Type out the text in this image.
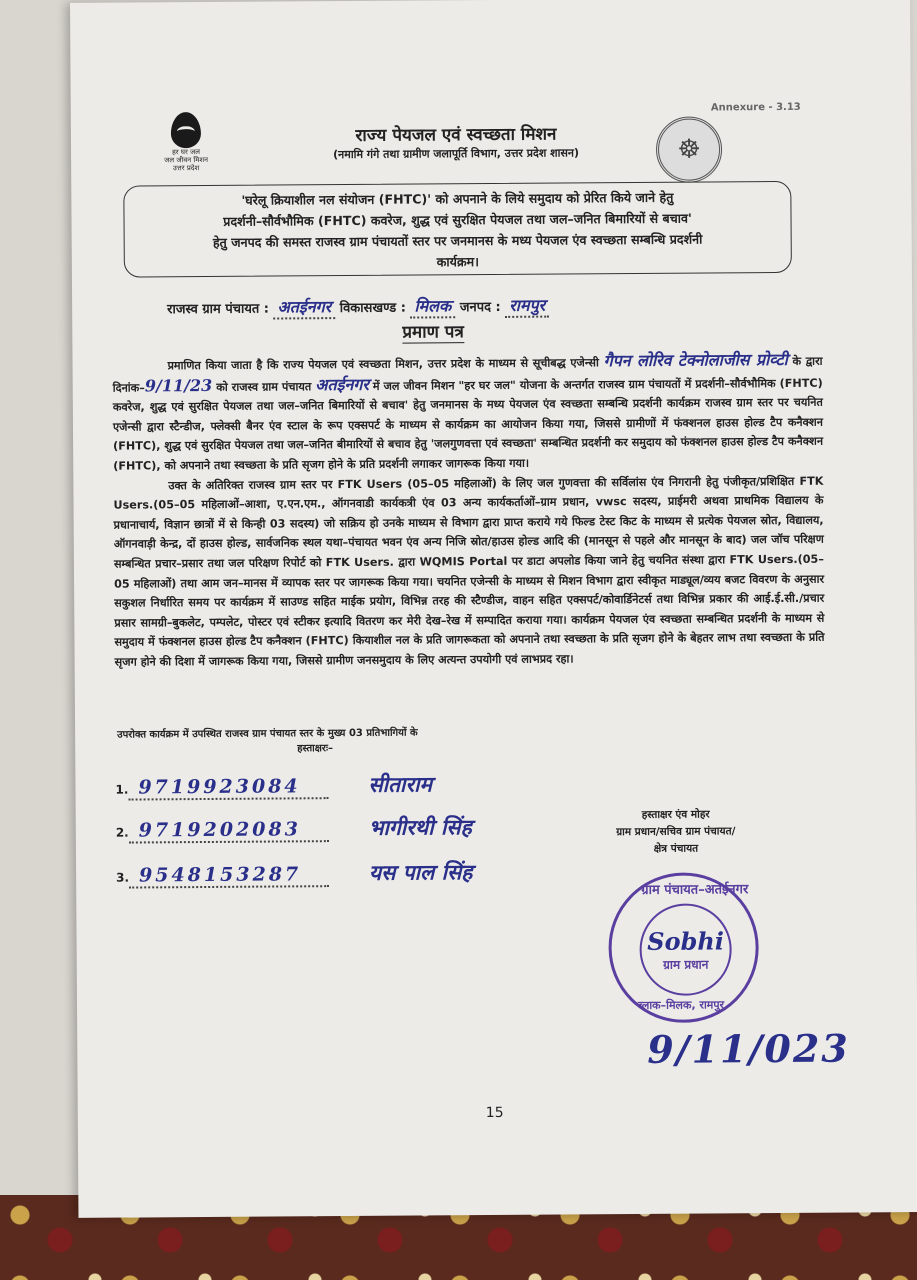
Annexure - 3.13
हर घर जल
जल जीवन मिशन
उत्तर प्रदेश
☸
राज्य पेयजल एवं स्वच्छता मिशन
(नमामि गंगे तथा ग्रामीण जलापूर्ति विभाग, उत्तर प्रदेश शासन)
'घरेलू क्रियाशील नल संयोजन (FHTC)' को अपनाने के लिये समुदाय को प्रेरित किये जाने हेतु
प्रदर्शनी–सौर्वभौमिक (FHTC) कवरेज, शुद्ध एवं सुरक्षित पेयजल तथा जल–जनित बिमारियों से बचाव'
हेतु जनपद की समस्त राजस्व ग्राम पंचायतों स्तर पर जनमानस के मध्य पेयजल एंव स्वच्छता सम्बन्धि प्रदर्शनी
कार्यक्रम।
राजस्व ग्राम पंचायत : अतईनगर विकासखण्ड : मिलक जनपद : रामपुर
प्रमाण पत्र

प्रमाणित किया जाता है कि राज्य पेयजल एवं स्वच्छता मिशन, उत्तर प्रदेश के माध्यम से सूचीबद्ध एजेन्सी गैपन लोरिव टेक्नोलाजीस प्रोव्टी के द्वारा दिनांक–9/11/23 को राजस्व ग्राम पंचायत अतईनगर में जल जीवन मिशन "हर घर जल" योजना के अन्तर्गत राजस्व ग्राम पंचायतों में प्रदर्शनी–सौर्वभौमिक (FHTC) कवरेज, शुद्ध एवं सुरक्षित पेयजल तथा जल–जनित बिमारियों से बचाव' हेतु जनमानस के मध्य पेयजल एंव स्वच्छता सम्बन्धि प्रदर्शनी कार्यक्रम राजस्व ग्राम स्तर पर चयनित एजेन्सी द्वारा स्टैन्डीज, फ्लेक्सी बैनर एंव स्टाल के रूप एक्सपर्ट के माध्यम से कार्यक्रम का आयोजन किया गया, जिससे ग्रामीणों में फंक्शनल हाउस होल्ड टैप कनैक्शन (FHTC), शुद्ध एवं सुरक्षित पेयजल तथा जल–जनित बीमारियों से बचाव हेतु 'जलगुणवत्ता एवं स्वच्छता' सम्बन्धित प्रदर्शनी कर समुदाय को फंक्शनल हाउस होल्ड टैप कनैक्शन (FHTC), को अपनाने तथा स्वच्छता के प्रति सृजग होने के प्रति प्रदर्शनी लगाकर जागरूक किया गया।

उक्त के अतिरिक्त राजस्व ग्राम स्तर पर FTK Users (05–05 महिलाओं) के लिए जल गुणवत्ता की सर्विलांस एंव निगरानी हेतु पंजीकृत/प्रशिक्षित FTK Users.(05–05 महिलाओं–आशा, ए.एन.एम., ऑगनवाडी कार्यकत्री एंव 03 अन्य कार्यकर्ताओं–ग्राम प्रधान, vwsc सदस्य, प्राईमरी अथवा प्राथमिक विद्यालय के प्रधानाचार्य, विज्ञान छात्रों में से किन्ही 03 सदस्य) जो सक्रिय हो उनके माध्यम से विभाग द्वारा प्राप्त कराये गये फिल्ड टेस्ट किट के माध्यम से प्रत्येक पेयजल स्रोत, विद्यालय, ऑगनवाड़ी केन्द्र, दों हाउस होल्ड, सार्वजनिक स्थल यथा–पंचायत भवन एंव अन्य निजि स्रोत/हाउस होल्ड आदि की (मानसून से पहले और मानसून के बाद) जल जॉच परिक्षण सम्बन्धित प्रचार–प्रसार तथा जल परिक्षण रिपोर्ट को FTK Users. द्वारा WQMIS Portal पर डाटा अपलोड किया जाने हेतु चयनित संस्था द्वारा FTK Users.(05–05 महिलाओं) तथा आम जन–मानस में व्यापक स्तर पर जागरूक किया गया। चयनित एजेन्सी के माध्यम से मिशन विभाग द्वारा स्वीकृत माड्यूल/व्यय बजट विवरण के अनुसार सकुशल निर्धारित समय पर कार्यक्रम में साउण्ड सहित माईक प्रयोग, विभिन्न तरह की स्टैण्डीज, वाहन सहित एक्सपर्ट/कोवार्डिनेटर्स तथा विभिन्न प्रकार की आई.ई.सी./प्रचार प्रसार सामग्री–बुकलेट, पम्पलेट, पोस्टर एवं स्टीकर इत्यादि वितरण कर मेरी देख–रेख में सम्पादित कराया गया। कार्यक्रम पेयजल एंव स्वच्छता सम्बन्धित प्रदर्शनी के माध्यम से समुदाय में फंक्शनल हाउस होल्ड टैप कनैक्शन (FHTC) कियाशील नल के प्रति जागरूकता को अपनाने तथा स्वच्छता के प्रति सृजग होने के बेहतर लाभ तथा स्वच्छता के प्रति सृजग होने की दिशा में जागरूक किया गया, जिससे ग्रामीण जनसमुदाय के लिए अत्यन्त उपयोगी एवं लाभप्रद रहा।

उपरोक्त कार्यक्रम में उपस्थित राजस्व ग्राम पंचायत स्तर के मुख्य 03 प्रतिभागियों के
हस्ताक्षरः–
1. 9719923084	सीताराम
2. 9719202083	भागीरथी सिंह
3. 9548153287	यस पाल सिंह
हस्ताक्षर एंव मोहर
ग्राम प्रधान/सचिव ग्राम पंचायत/
क्षेत्र पंचायत
ग्राम पंचायत–अतईनगर
ब्लाक–मिलक, रामपुर
Sobhi
ग्राम प्रधान
9/11/023
15
